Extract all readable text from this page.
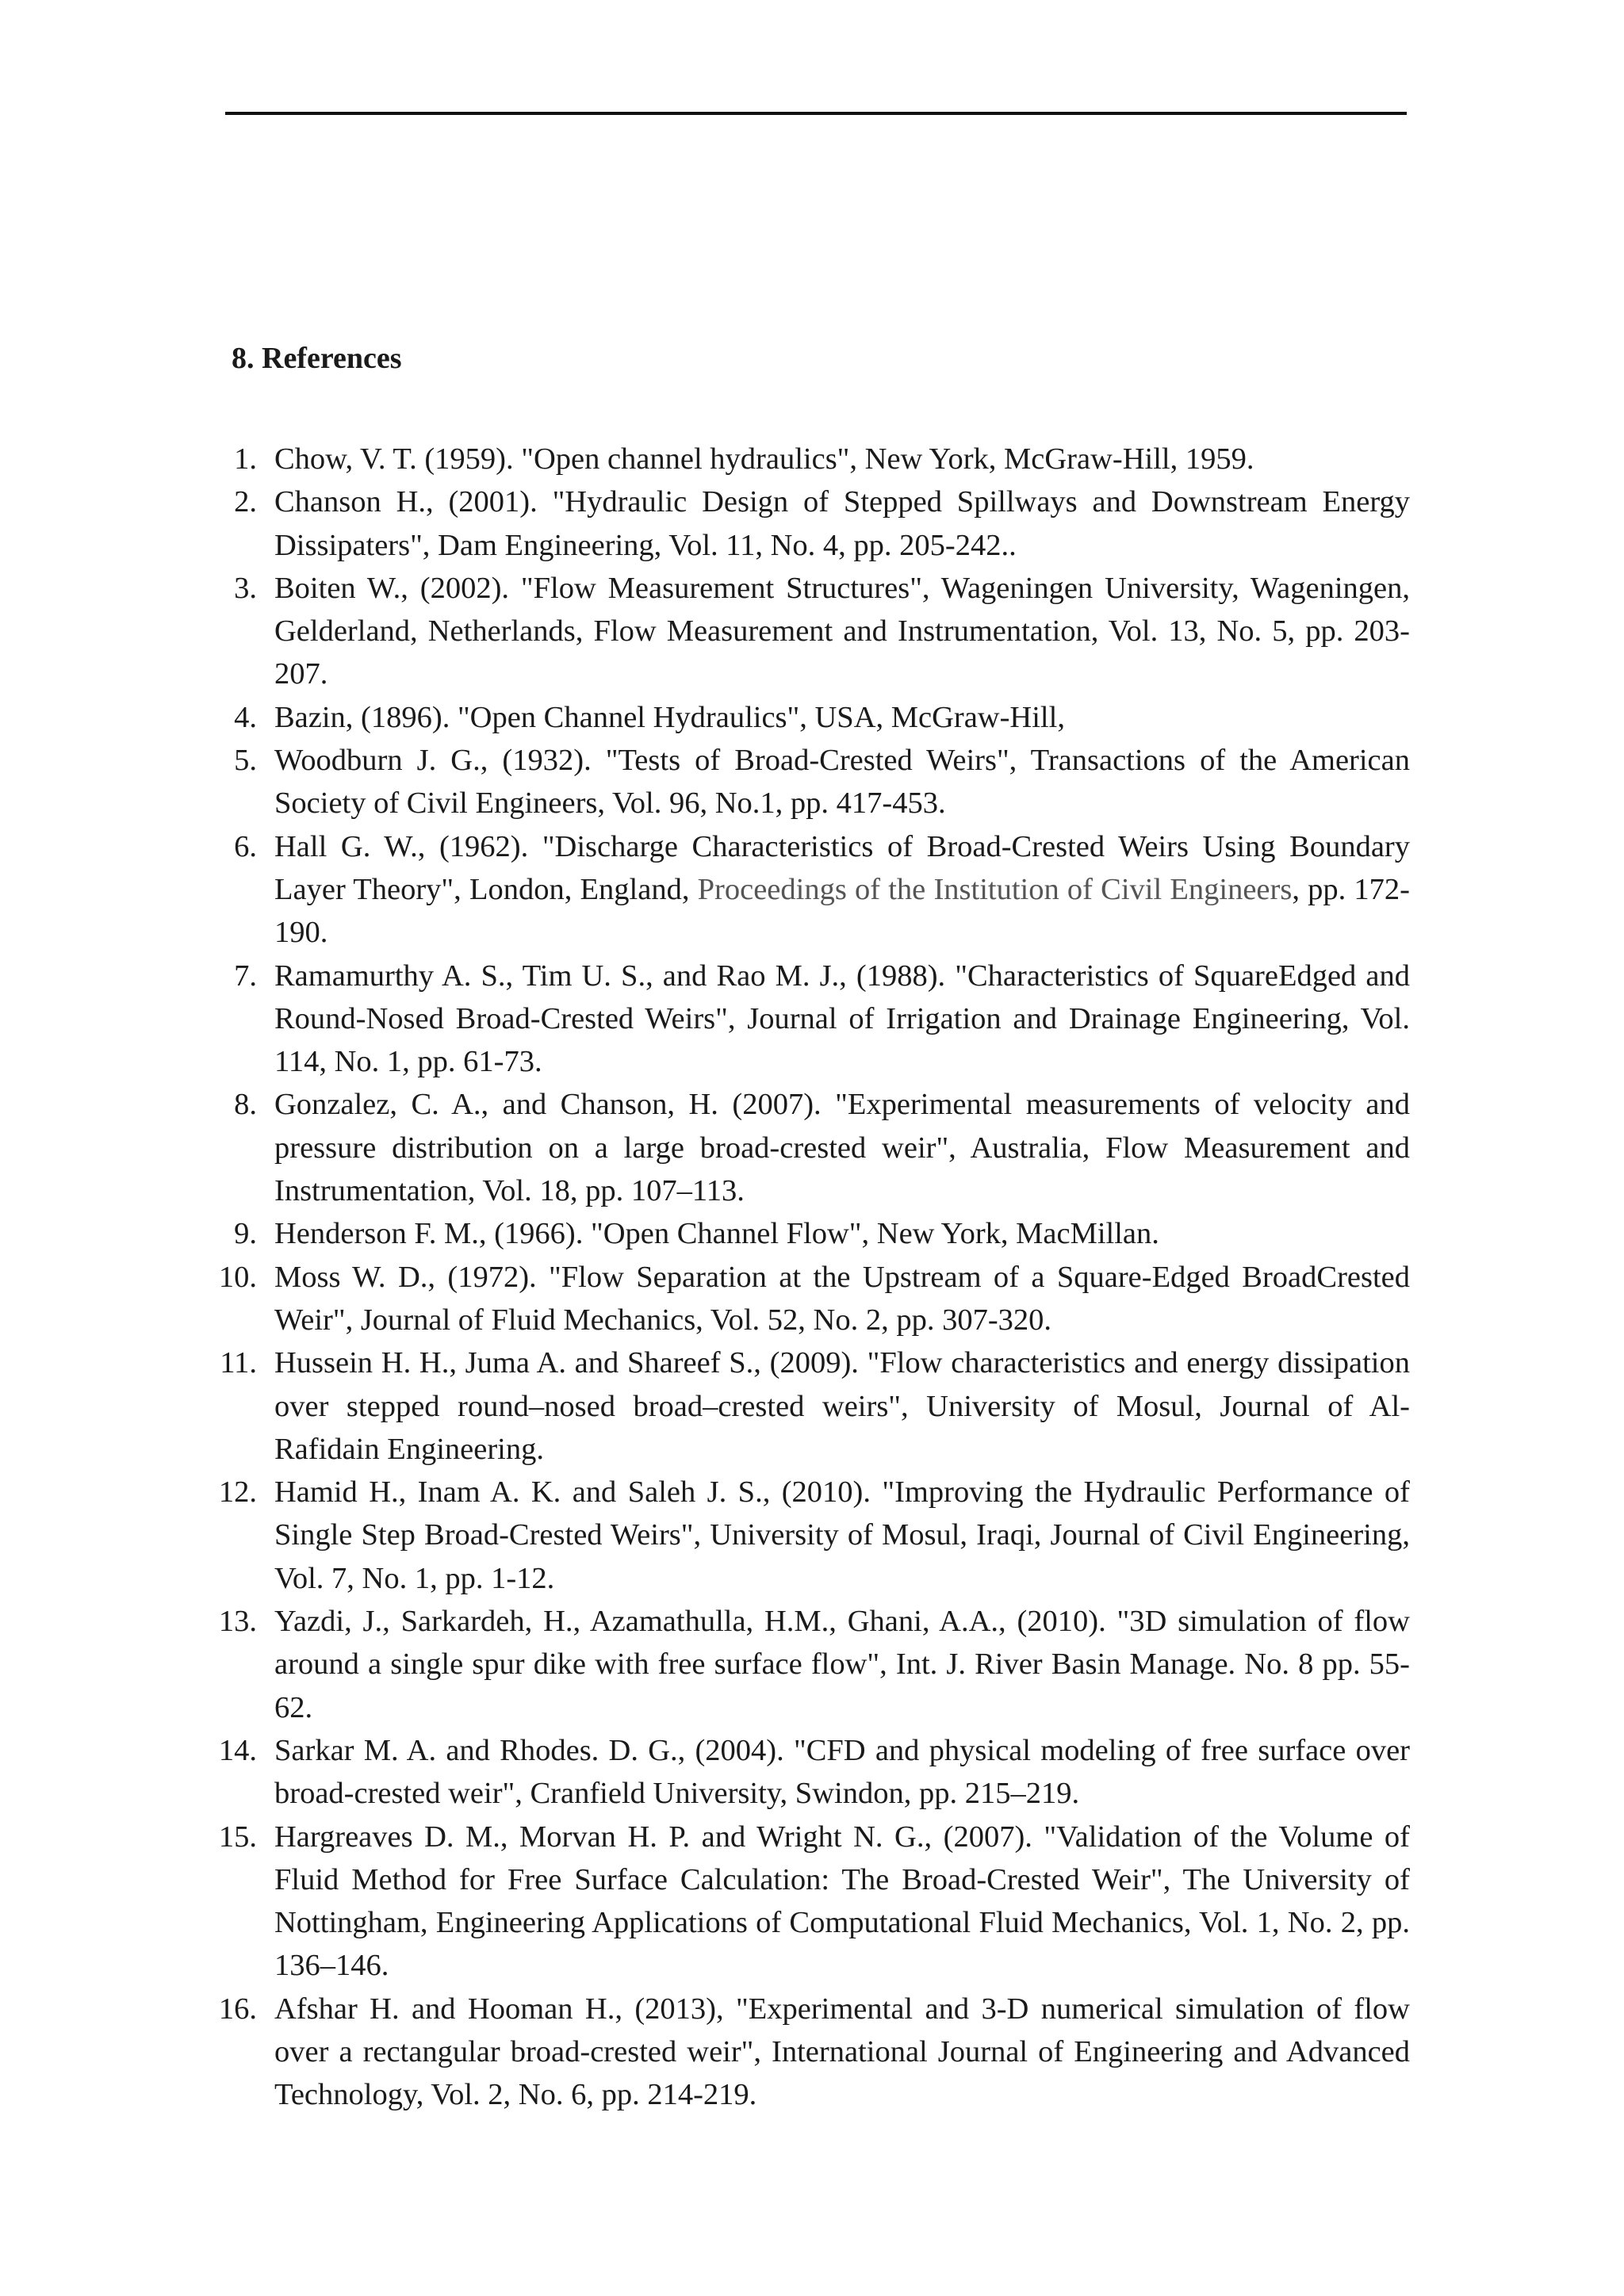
8. References
1. Chow, V. T. (1959). "Open channel hydraulics", New York, McGraw-Hill, 1959.
2. Chanson H., (2001). "Hydraulic Design of Stepped Spillways and Downstream Energy Dissipaters", Dam Engineering, Vol. 11, No. 4, pp. 205-242..
3. Boiten W., (2002). "Flow Measurement Structures", Wageningen University, Wageningen, Gelderland, Netherlands, Flow Measurement and Instrumentation, Vol. 13, No. 5, pp. 203-207.
4. Bazin, (1896). "Open Channel Hydraulics", USA, McGraw-Hill,
5. Woodburn J. G., (1932). "Tests of Broad-Crested Weirs", Transactions of the American Society of Civil Engineers, Vol. 96, No.1, pp. 417-453.
6. Hall G. W., (1962). "Discharge Characteristics of Broad-Crested Weirs Using Boundary Layer Theory", London, England, Proceedings of the Institution of Civil Engineers, pp. 172-190.
7. Ramamurthy A. S., Tim U. S., and Rao M. J., (1988). "Characteristics of SquareEdged and Round-Nosed Broad-Crested Weirs", Journal of Irrigation and Drainage Engineering, Vol. 114, No. 1, pp. 61-73.
8. Gonzalez, C. A., and Chanson, H. (2007). "Experimental measurements of velocity and pressure distribution on a large broad-crested weir", Australia, Flow Measurement and Instrumentation, Vol. 18, pp. 107–113.
9. Henderson F. M., (1966). "Open Channel Flow", New York, MacMillan.
10. Moss W. D., (1972). "Flow Separation at the Upstream of a Square-Edged BroadCrested Weir", Journal of Fluid Mechanics, Vol. 52, No. 2, pp. 307-320.
11. Hussein H. H., Juma A. and Shareef S., (2009). "Flow characteristics and energy dissipation over stepped round–nosed broad–crested weirs", University of Mosul, Journal of Al-Rafidain Engineering.
12. Hamid H., Inam A. K. and Saleh J. S., (2010). "Improving the Hydraulic Performance of Single Step Broad-Crested Weirs", University of Mosul, Iraqi, Journal of Civil Engineering, Vol. 7, No. 1, pp. 1-12.
13. Yazdi, J., Sarkardeh, H., Azamathulla, H.M., Ghani, A.A., (2010). "3D simulation of flow around a single spur dike with free surface flow", Int. J. River Basin Manage. No. 8 pp. 55-62.
14. Sarkar M. A. and Rhodes. D. G., (2004). "CFD and physical modeling of free surface over broad-crested weir", Cranfield University, Swindon, pp. 215–219.
15. Hargreaves D. M., Morvan H. P. and Wright N. G., (2007). "Validation of the Volume of Fluid Method for Free Surface Calculation: The Broad-Crested Weir", The University of Nottingham, Engineering Applications of Computational Fluid Mechanics, Vol. 1, No. 2, pp. 136–146.
16. Afshar H. and Hooman H., (2013), "Experimental and 3-D numerical simulation of flow over a rectangular broad-crested weir", International Journal of Engineering and Advanced Technology, Vol. 2, No. 6, pp. 214-219.
